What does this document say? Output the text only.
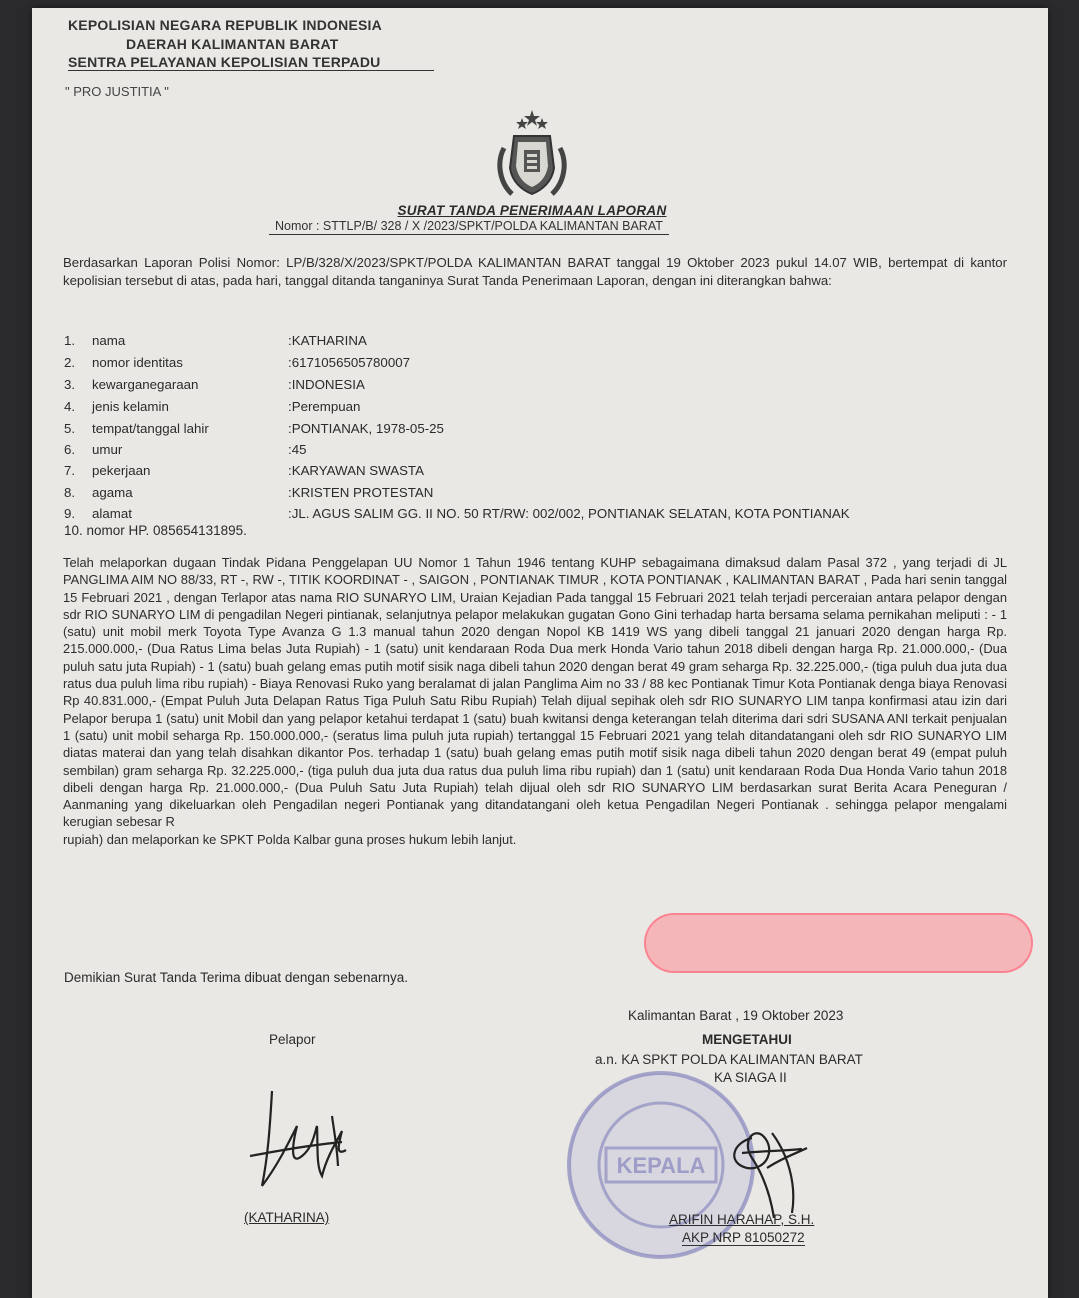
KEPOLISIAN NEGARA REPUBLIK INDONESIA
DAERAH KALIMANTAN BARAT
SENTRA PELAYANAN KEPOLISIAN TERPADU
" PRO JUSTITIA "
SURAT TANDA PENERIMAAN LAPORAN
Nomor : STTLP/B/ 328 / X /2023/SPKT/POLDA KALIMANTAN BARAT
Berdasarkan Laporan Polisi Nomor: LP/B/328/X/2023/SPKT/POLDA KALIMANTAN BARAT tanggal 19 Oktober 2023 pukul 14.07 WIB, bertempat di kantor kepolisian tersebut di atas, pada hari, tanggal ditanda tanganinya Surat Tanda Penerimaan Laporan, dengan ini diterangkan bahwa:
1. nama	:KATHARINA
2. nomor identitas	:6171056505780007
3. kewarganegaraan	:INDONESIA
4. jenis kelamin	:Perempuan
5. tempat/tanggal lahir	:PONTIANAK, 1978-05-25
6. umur	:45
7. pekerjaan	:KARYAWAN SWASTA
8. agama	:KRISTEN PROTESTAN
9. alamat	:JL. AGUS SALIM GG. II NO. 50 RT/RW: 002/002, PONTIANAK SELATAN, KOTA PONTIANAK
10. nomor HP. 085654131895.
Telah melaporkan dugaan Tindak Pidana Penggelapan UU Nomor 1 Tahun 1946 tentang KUHP sebagaimana dimaksud dalam Pasal 372 , yang terjadi di JL PANGLIMA AIM NO 88/33, RT -, RW -, TITIK KOORDINAT - , SAIGON , PONTIANAK TIMUR , KOTA PONTIANAK , KALIMANTAN BARAT , Pada hari senin tanggal 15 Februari 2021 , dengan Terlapor atas nama RIO SUNARYO LIM, Uraian Kejadian Pada tanggal 15 Februari 2021 telah terjadi perceraian antara pelapor dengan sdr RIO SUNARYO LIM di pengadilan Negeri pintianak, selanjutnya pelapor melakukan gugatan Gono Gini terhadap harta bersama selama pernikahan meliputi : - 1 (satu) unit mobil merk Toyota Type Avanza G 1.3 manual tahun 2020 dengan Nopol KB 1419 WS yang dibeli tanggal 21 januari 2020 dengan harga Rp. 215.000.000,- (Dua Ratus Lima belas Juta Rupiah) - 1 (satu) unit kendaraan Roda Dua merk Honda Vario tahun 2018 dibeli dengan harga Rp. 21.000.000,- (Dua puluh satu juta Rupiah) - 1 (satu) buah gelang emas putih motif sisik naga dibeli tahun 2020 dengan berat 49 gram seharga Rp. 32.225.000,- (tiga puluh dua juta dua ratus dua puluh lima ribu rupiah) - Biaya Renovasi Ruko yang beralamat di jalan Panglima Aim no 33 / 88 kec Pontianak Timur Kota Pontianak denga biaya Renovasi Rp 40.831.000,- (Empat Puluh Juta Delapan Ratus Tiga Puluh Satu Ribu Rupiah) Telah dijual sepihak oleh sdr RIO SUNARYO LIM tanpa konfirmasi atau izin dari Pelapor berupa 1 (satu) unit Mobil dan yang pelapor ketahui terdapat 1 (satu) buah kwitansi denga keterangan telah diterima dari sdri SUSANA ANI terkait penjualan 1 (satu) unit mobil seharga Rp. 150.000.000,- (seratus lima puluh juta rupiah) tertanggal 15 Februari 2021 yang telah ditandatangani oleh sdr RIO SUNARYO LIM diatas materai dan yang telah disahkan dikantor Pos. terhadap 1 (satu) buah gelang emas putih motif sisik naga dibeli tahun 2020 dengan berat 49 (empat puluh sembilan) gram seharga Rp. 32.225.000,- (tiga puluh dua juta dua ratus dua puluh lima ribu rupiah) dan 1 (satu) unit kendaraan Roda Dua Honda Vario tahun 2018 dibeli dengan harga Rp. 21.000.000,- (Dua Puluh Satu Juta Rupiah) telah dijual oleh sdr RIO SUNARYO LIM berdasarkan surat Berita Acara Peneguran / Aanmaning yang dikeluarkan oleh Pengadilan negeri Pontianak yang ditandatangani oleh ketua Pengadilan Negeri Pontianak . sehingga pelapor mengalami kerugian sebesar R
rupiah) dan melaporkan ke SPKT Polda Kalbar guna proses hukum lebih lanjut.
Demikian Surat Tanda Terima dibuat dengan sebenarnya.
Kalimantan Barat , 19 Oktober 2023
Pelapor	MENGETAHUI
a.n. KA SPKT POLDA KALIMANTAN BARAT
KA SIAGA II
KEPALA
(KATHARINA)	ARIFIN HARAHAP, S.H.
AKP NRP 81050272
